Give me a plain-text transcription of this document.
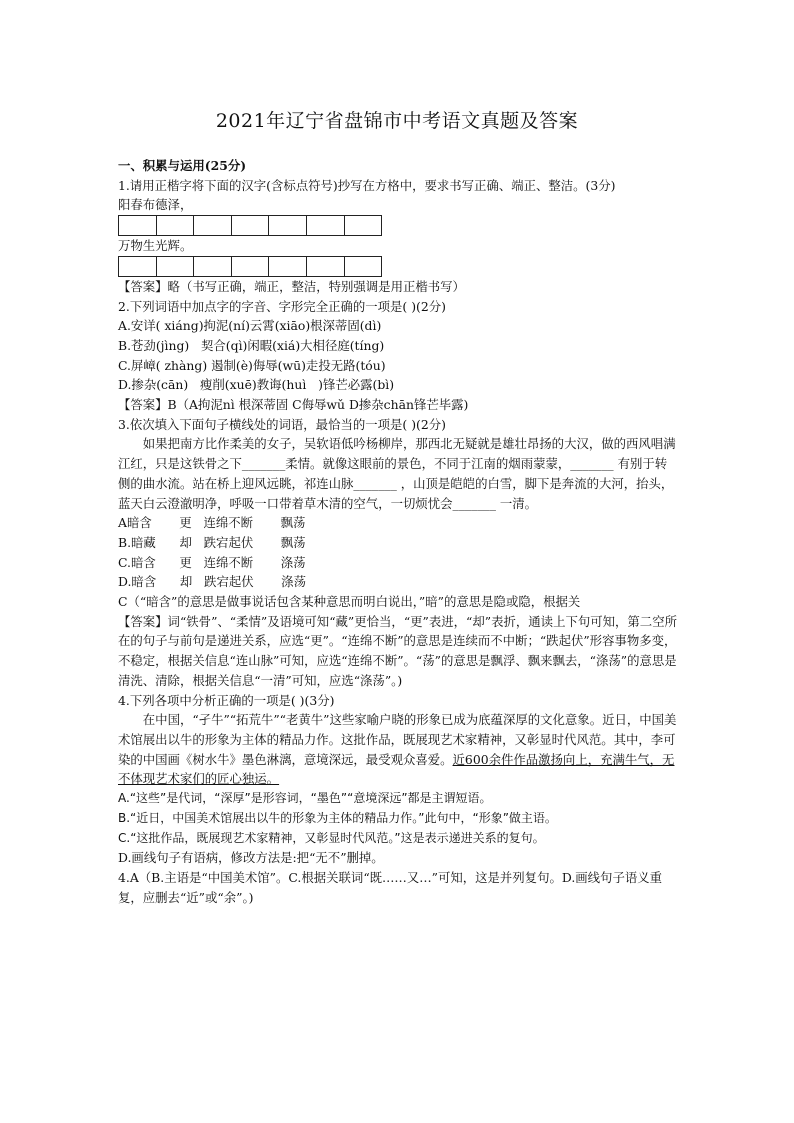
2021年辽宁省盘锦市中考语文真题及答案

一、积累与运用(25分)

1.请用正楷字将下面的汉字(含标点符号)抄写在方格中，要求书写正确、端正、整洁。(3分)

阳春布德泽，

万物生光辉。

【答案】略（书写正确，端正，整洁，特别强调是用正楷书写）

2.下列词语中加点字的字音、字形完全正确的一项是( )(2分)

A.安详( xiáng)拘泥(ní)云霄(xiāo)根深蒂固(dì)

B.苍劲(jìng)   契合(qì)闲暇(xiá)大相径庭(tíng)

C.屏嶂( zhàng) 遏制(è)侮辱(wū)走投无路(tóu)

D.掺杂(cān)   瘦削(xuē)教诲(huì   )锋芒必露(bì)

【答案】B（A拘泥nì 根深蒂固 C侮辱wǔ D掺杂chān锋芒毕露)

3.依次填入下面句子横线处的词语，最恰当的一项是( )(2分)

如果把南方比作柔美的女子，吴软语低吟杨柳岸，那西北无疑就是雄壮昂扬的大汉，做的西风唱满江红，只是这铁骨之下_______柔情。就像这眼前的景色，不同于江南的烟雨蒙蒙，_______ 有别于转侧的曲水流。站在桥上迎风远眺，祁连山脉_______ ，山顶是皑皑的白雪，脚下是奔流的大河，抬头，蓝天白云澄澈明净，呼吸一口带着草木清的空气，一切烦忧会_______ 一清。

A暗含       更   连绵不断       飘荡

B.暗藏      却   跌宕起伏       飘荡

C.暗含      更   连绵不断       涤荡

D.暗含      却   跌宕起伏       涤荡

C（“暗含”的意思是做事说话包含某种意思而明白说出，”暗”的意思是隐或隐，根据关

【答案】词“铁骨”、“柔情”及语境可知“藏”更恰当，“更”表进，“却”表折，通读上下句可知，第二空所在的句子与前句是递进关系，应选“更”。“连绵不断”的意思是连续而不中断；“跌起伏”形容事物多变，不稳定，根据关信息“连山脉”可知，应选“连绵不断”。“荡”的意思是飘浮、飘来飘去，“涤荡”的意思是清洗、清除，根据关信息“一清”可知，应选“涤荡”。)

4.下列各项中分析正确的一项是( )(3分)

在中国，“孑牛”“拓荒牛”“老黄牛”这些家喻户晓的形象已成为底蕴深厚的文化意象。近日，中国美术馆展出以牛的形象为主体的精品力作。这批作品，既展现艺术家精神，又彰显时代风范。其中，李可染的中国画《树水牛》墨色淋漓，意境深远，最受观众喜爱。近600余件作品激扬向上，充满牛气，无不体现艺术家们的匠心独运。

A.“这些”是代词，“深厚”是形容词，“墨色”“意境深远”都是主谓短语。

B.“近日，中国美术馆展出以牛的形象为主体的精品力作。”此句中，“形象”做主语。

C.“这批作品，既展现艺术家精神，又彰显时代风范。”这是表示递进关系的复句。

D.画线句子有语病，修改方法是:把“无不”删掉。

4.A（B.主语是“中国美术馆”。C.根据关联词“既……又…”可知，这是并列复句。D.画线句子语义重复，应删去“近”或“余”。)
